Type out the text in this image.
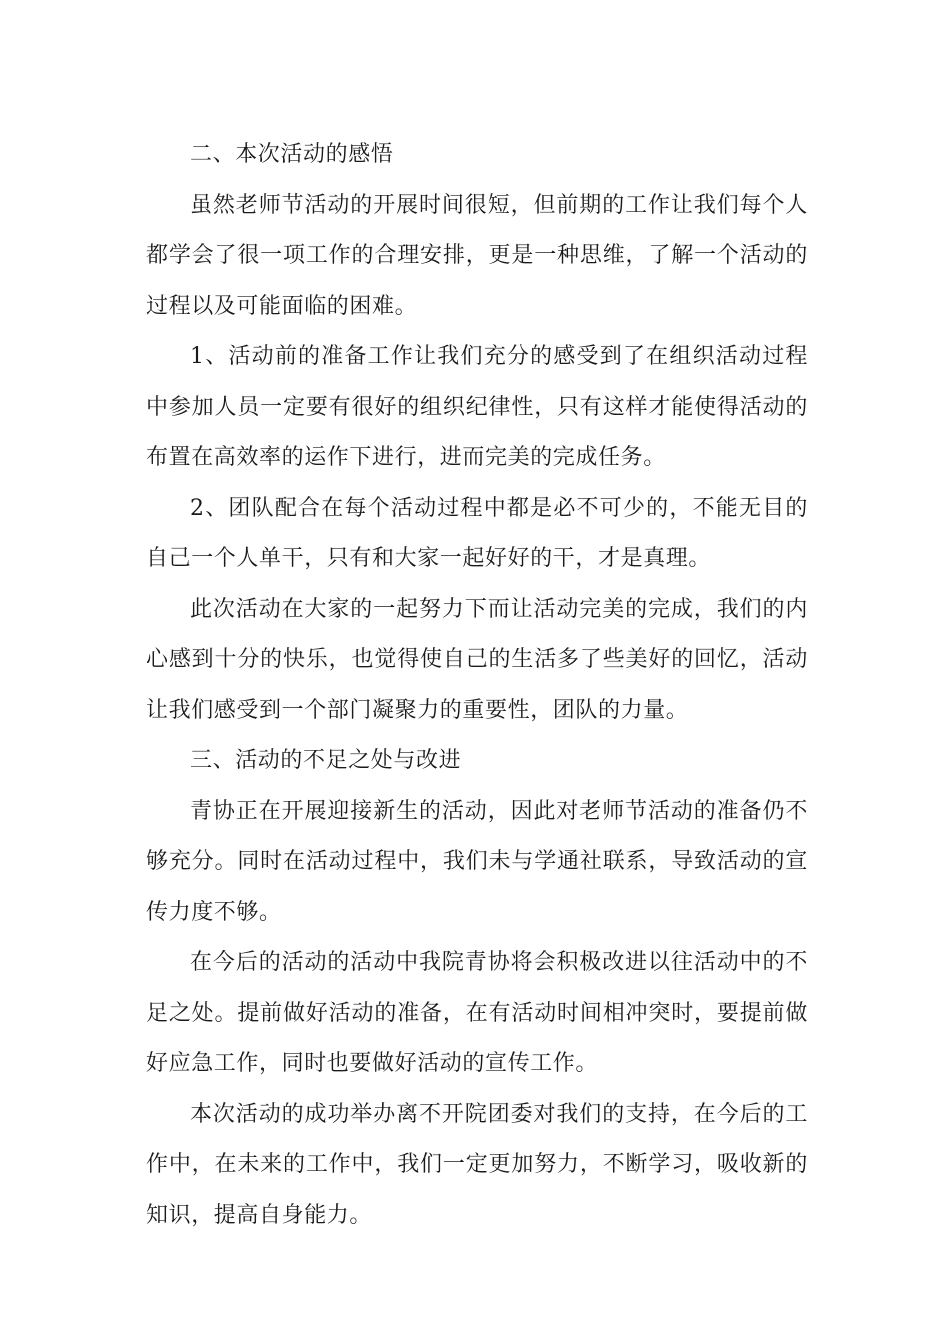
二、本次活动的感悟

虽然老师节活动的开展时间很短，但前期的工作让我们每个人都学会了很一项工作的合理安排，更是一种思维，了解一个活动的过程以及可能面临的困难。

1、活动前的准备工作让我们充分的感受到了在组织活动过程中参加人员一定要有很好的组织纪律性，只有这样才能使得活动的布置在高效率的运作下进行，进而完美的完成任务。

2、团队配合在每个活动过程中都是必不可少的，不能无目的自己一个人单干，只有和大家一起好好的干，才是真理。

此次活动在大家的一起努力下而让活动完美的完成，我们的内心感到十分的快乐，也觉得使自己的生活多了些美好的回忆，活动让我们感受到一个部门凝聚力的重要性，团队的力量。

三、活动的不足之处与改进

青协正在开展迎接新生的活动，因此对老师节活动的准备仍不够充分。同时在活动过程中，我们未与学通社联系，导致活动的宣传力度不够。

在今后的活动的活动中我院青协将会积极改进以往活动中的不足之处。提前做好活动的准备，在有活动时间相冲突时，要提前做好应急工作，同时也要做好活动的宣传工作。

本次活动的成功举办离不开院团委对我们的支持，在今后的工作中，在未来的工作中，我们一定更加努力，不断学习，吸收新的知识，提高自身能力。
